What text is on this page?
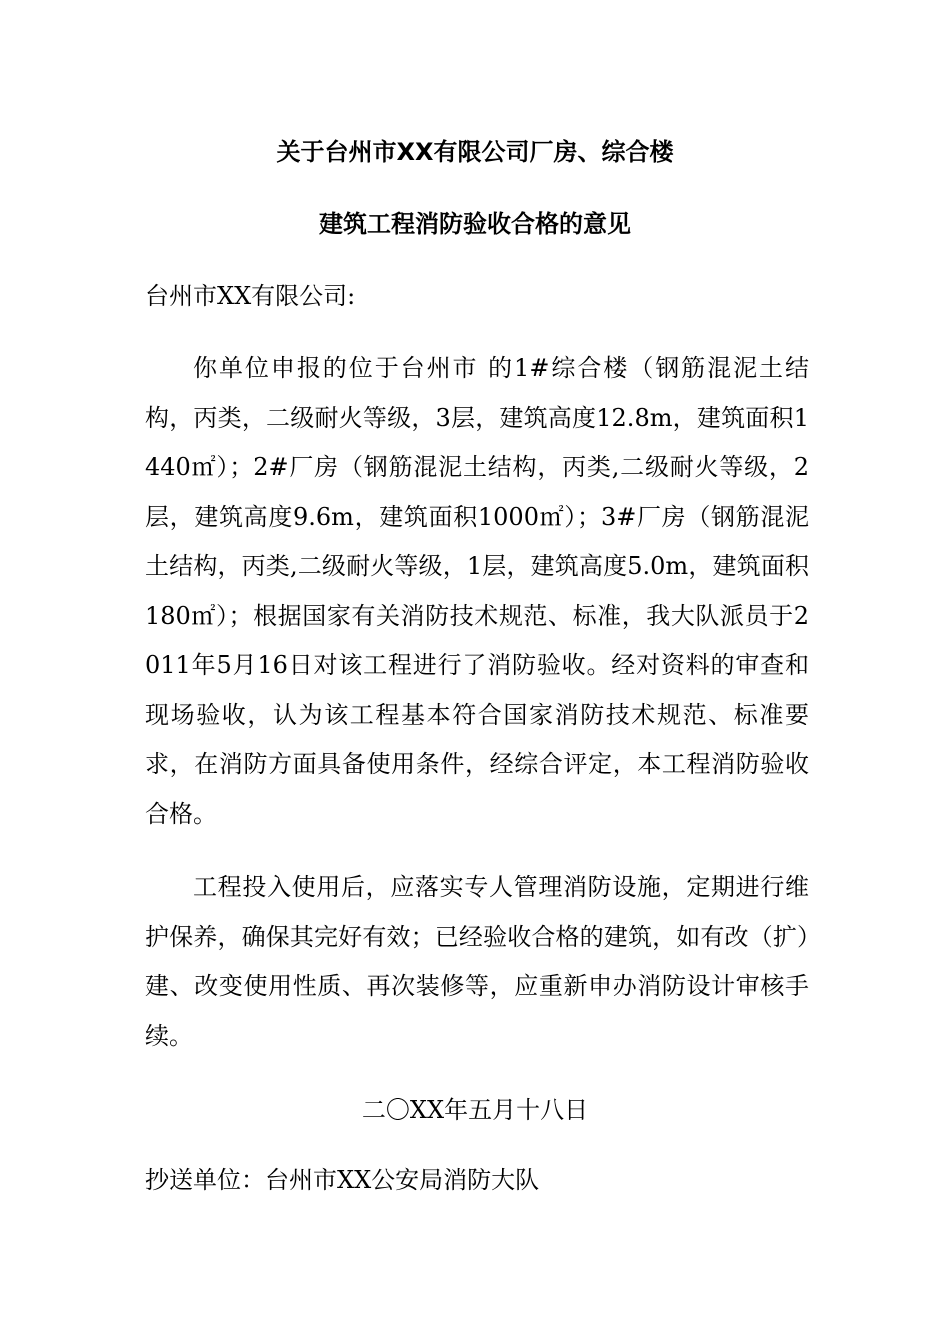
关于台州市XX有限公司厂房、综合楼
建筑工程消防验收合格的意见
台州市XX有限公司:
你单位申报的位于台州市 的1#综合楼（钢筋混泥土结构，丙类，二级耐火等级，3层，建筑高度12.8m，建筑面积1440㎡）；2#厂房（钢筋混泥土结构，丙类,二级耐火等级，2层，建筑高度9.6m，建筑面积1000㎡）；3#厂房（钢筋混泥土结构，丙类,二级耐火等级，1层，建筑高度5.0m，建筑面积180㎡）；根据国家有关消防技术规范、标准，我大队派员于2011年5月16日对该工程进行了消防验收。经对资料的审查和现场验收，认为该工程基本符合国家消防技术规范、标准要求，在消防方面具备使用条件，经综合评定，本工程消防验收合格。
工程投入使用后，应落实专人管理消防设施，定期进行维护保养，确保其完好有效；已经验收合格的建筑，如有改（扩）建、改变使用性质、再次装修等，应重新申办消防设计审核手续。
二〇XX年五月十八日
抄送单位：台州市XX公安局消防大队
